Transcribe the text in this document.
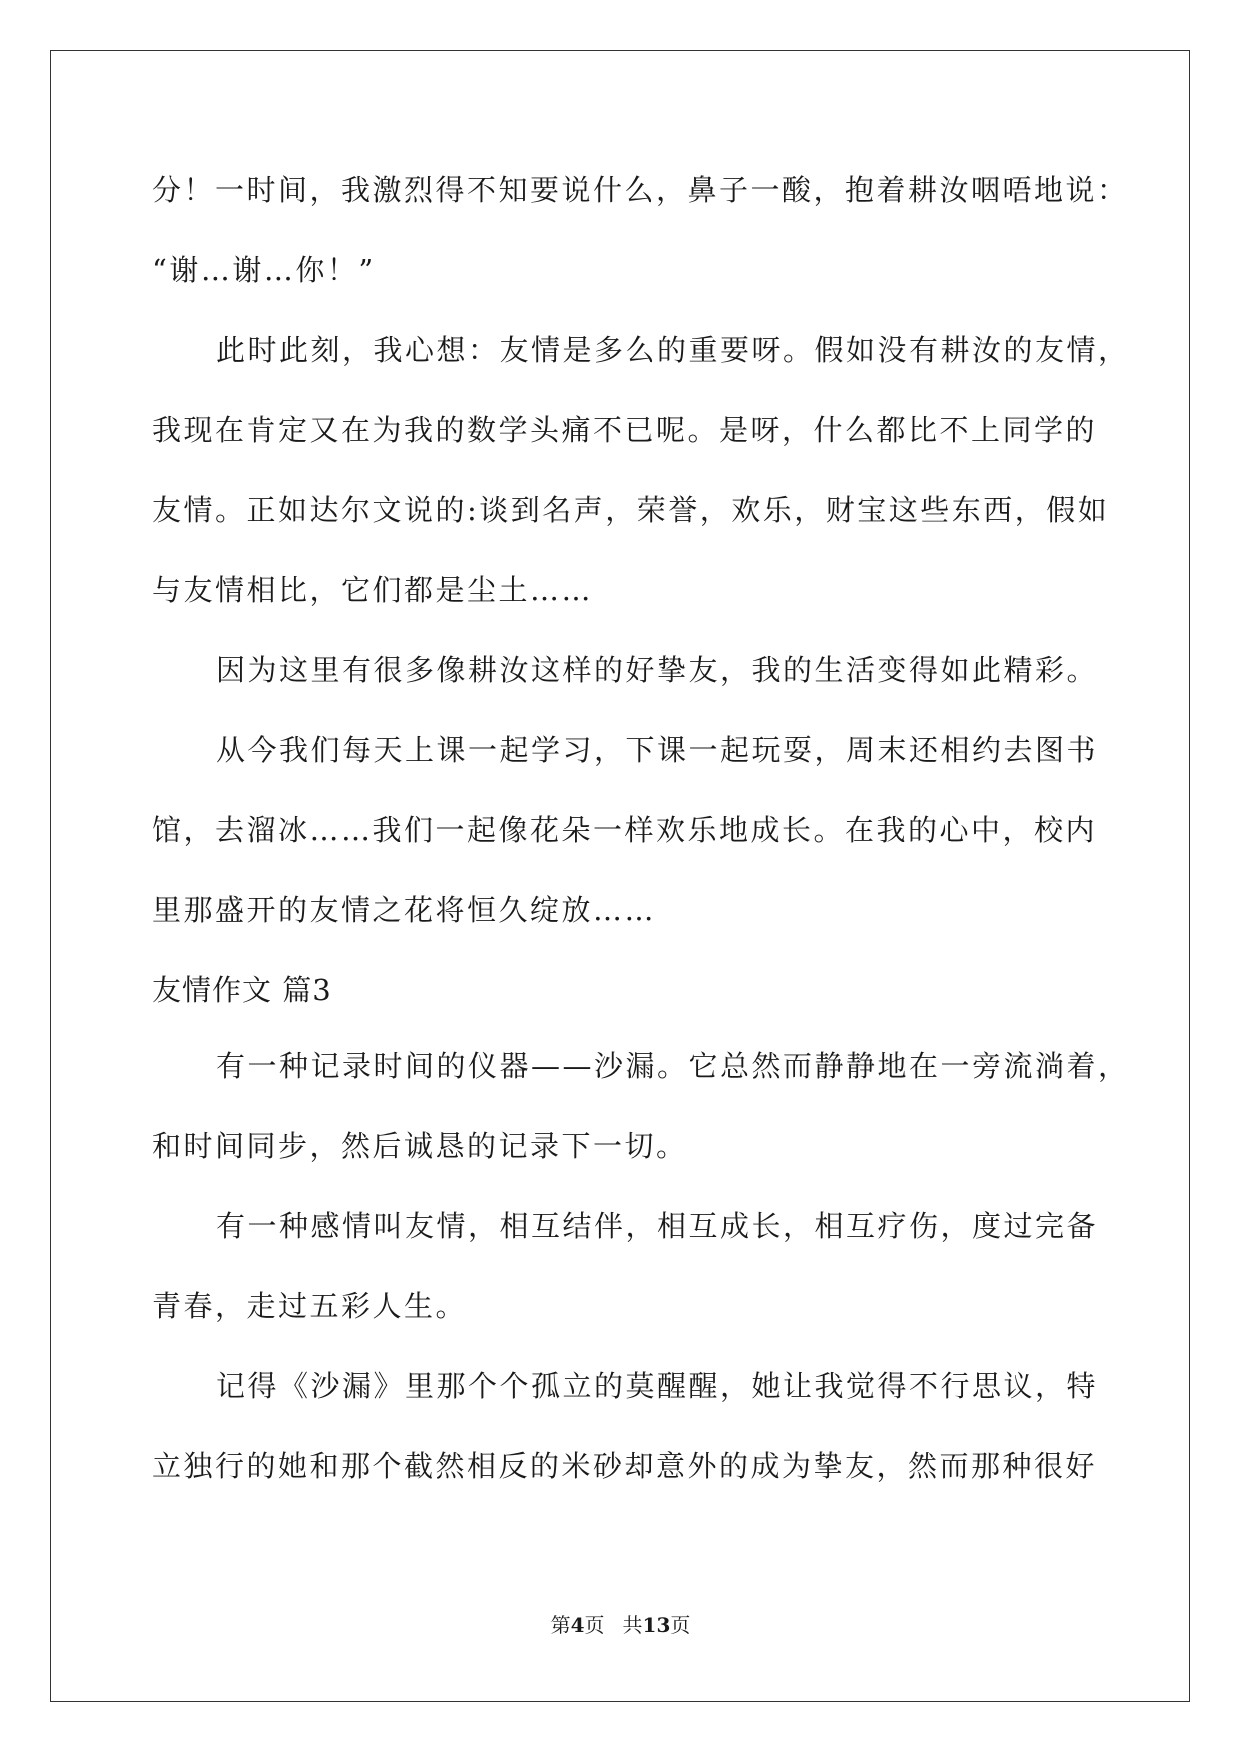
分！一时间，我激烈得不知要说什么，鼻子一酸，抱着耕汝咽唔地说：
“谢…谢…你！”
此时此刻，我心想：友情是多么的重要呀。假如没有耕汝的友情，
我现在肯定又在为我的数学头痛不已呢。是呀，什么都比不上同学的
友情。正如达尔文说的:谈到名声，荣誉，欢乐，财宝这些东西，假如
与友情相比，它们都是尘土……
因为这里有很多像耕汝这样的好挚友，我的生活变得如此精彩。
从今我们每天上课一起学习，下课一起玩耍，周末还相约去图书
馆，去溜冰……我们一起像花朵一样欢乐地成长。在我的心中，校内
里那盛开的友情之花将恒久绽放……
友情作文 篇3
有一种记录时间的仪器——沙漏。它总然而静静地在一旁流淌着，
和时间同步，然后诚恳的记录下一切。
有一种感情叫友情，相互结伴，相互成长，相互疗伤，度过完备
青春，走过五彩人生。
记得《沙漏》里那个个孤立的莫醒醒，她让我觉得不行思议，特
立独行的她和那个截然相反的米砂却意外的成为挚友，然而那种很好
第4页 共13页
